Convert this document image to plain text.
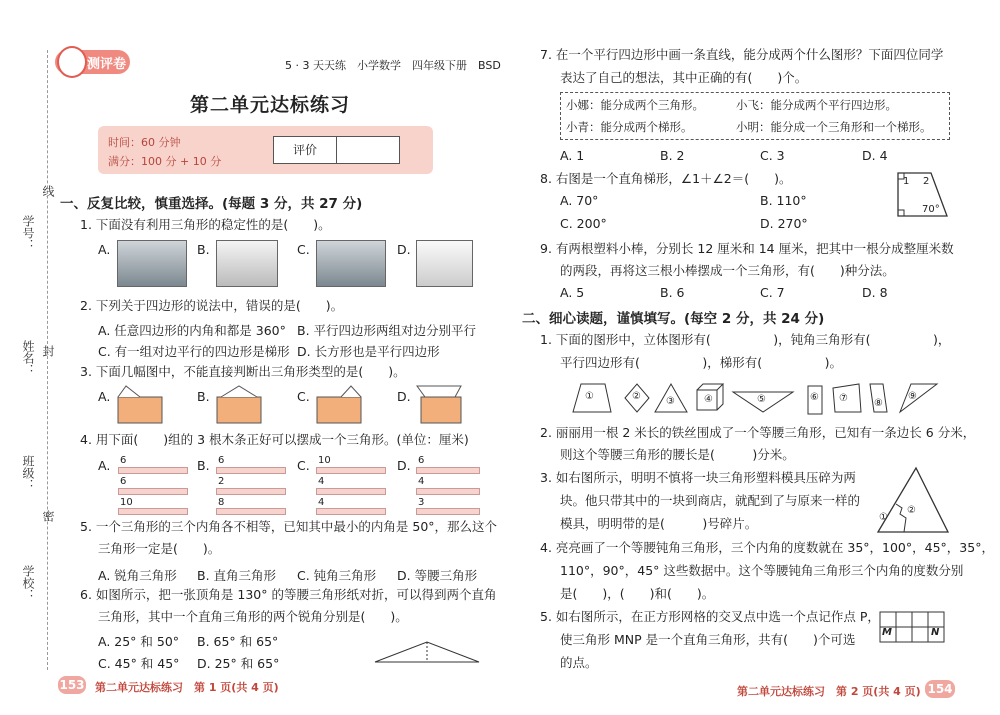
学号：
姓名：
班级：
学校：
线
封
密
测评卷	5 · 3 天天练　小学数学　四年级下册　BSD
第二单元达标练习
时间：60 分钟
满分：100 分 + 10 分
评价
一、反复比较，慎重选择。(每题 3 分，共 27 分)
1. 下面没有利用三角形的稳定性的是(　　)。
A.	B.	C.	D.
2. 下列关于四边形的说法中，错误的是(　　)。
A. 任意四边形的内角和都是 360° B. 平行四边形两组对边分别平行
C. 有一组对边平行的四边形是梯形 D. 长方形也是平行四边形
3. 下面几幅图中，不能直接判断出三角形类型的是(　　)。
A.	B.	C.	D.
4. 用下面(　　)组的 3 根木条正好可以摆成一个三角形。(单位：厘米)
A. 6
6
10
B. 6
2
8
C. 10
4
4
D. 6
4
3
5. 一个三角形的三个内角各不相等，已知其中最小的内角是 50°，那么这个
三角形一定是(　　)。
A. 锐角三角形 B. 直角三角形 C. 钝角三角形 D. 等腰三角形
6. 如图所示，把一张顶角是 130° 的等腰三角形纸对折，可以得到两个直角
三角形，其中一个直角三角形的两个锐角分别是(　　)。
A. 25° 和 50° B. 65° 和 65°
C. 45° 和 45° D. 25° 和 65°
153 第二单元达标练习　第 1 页(共 4 页)
7. 在一个平行四边形中画一条直线，能分成两个什么图形？下面四位同学
表达了自己的想法，其中正确的有(　　)个。
小娜：能分成两个三角形。	小飞：能分成两个平行四边形。
小青：能分成两个梯形。	小明：能分成一个三角形和一个梯形。
A. 1	B. 2	C. 3	D. 4
8. 右图是一个直角梯形，∠1＋∠2＝(　　)。
A. 70°	B. 110°
C. 200°	D. 270°
1 2
70°
9. 有两根塑料小棒，分别长 12 厘米和 14 厘米，把其中一根分成整厘米数
的两段，再将这三根小棒摆成一个三角形，有(　　)种分法。
A. 5	B. 6	C. 7	D. 8
二、细心读题，谨慎填写。(每空 2 分，共 24 分)
1. 下面的图形中，立体图形有(　　　　　)，钝角三角形有(　　　　　)，
平行四边形有(　　　　　)，梯形有(　　　　　)。
①	②	③	④	⑤	⑥ ⑦	⑧
⑨
2. 丽丽用一根 2 米长的铁丝围成了一个等腰三角形，已知有一条边长 6 分米，
则这个等腰三角形的腰长是(　　　)分米。
3. 如右图所示，明明不慎将一块三角形塑料模具压碎为两
块。他只带其中的一块到商店，就配到了与原来一样的
模具，明明带的是(　　　)号碎片。	①
②
4. 亮亮画了一个等腰钝角三角形，三个内角的度数就在 35°，100°，45°，35°，
110°，90°，45° 这些数据中。这个等腰钝角三角形三个内角的度数分别
是(　　)，(　　)和(　　)。
5. 如右图所示，在正方形网格的交叉点中选一个点记作点 P，
使三角形 MNP 是一个直角三角形，共有(　　)个可选
的点。
M	N
第二单元达标练习　第 2 页(共 4 页) 154
